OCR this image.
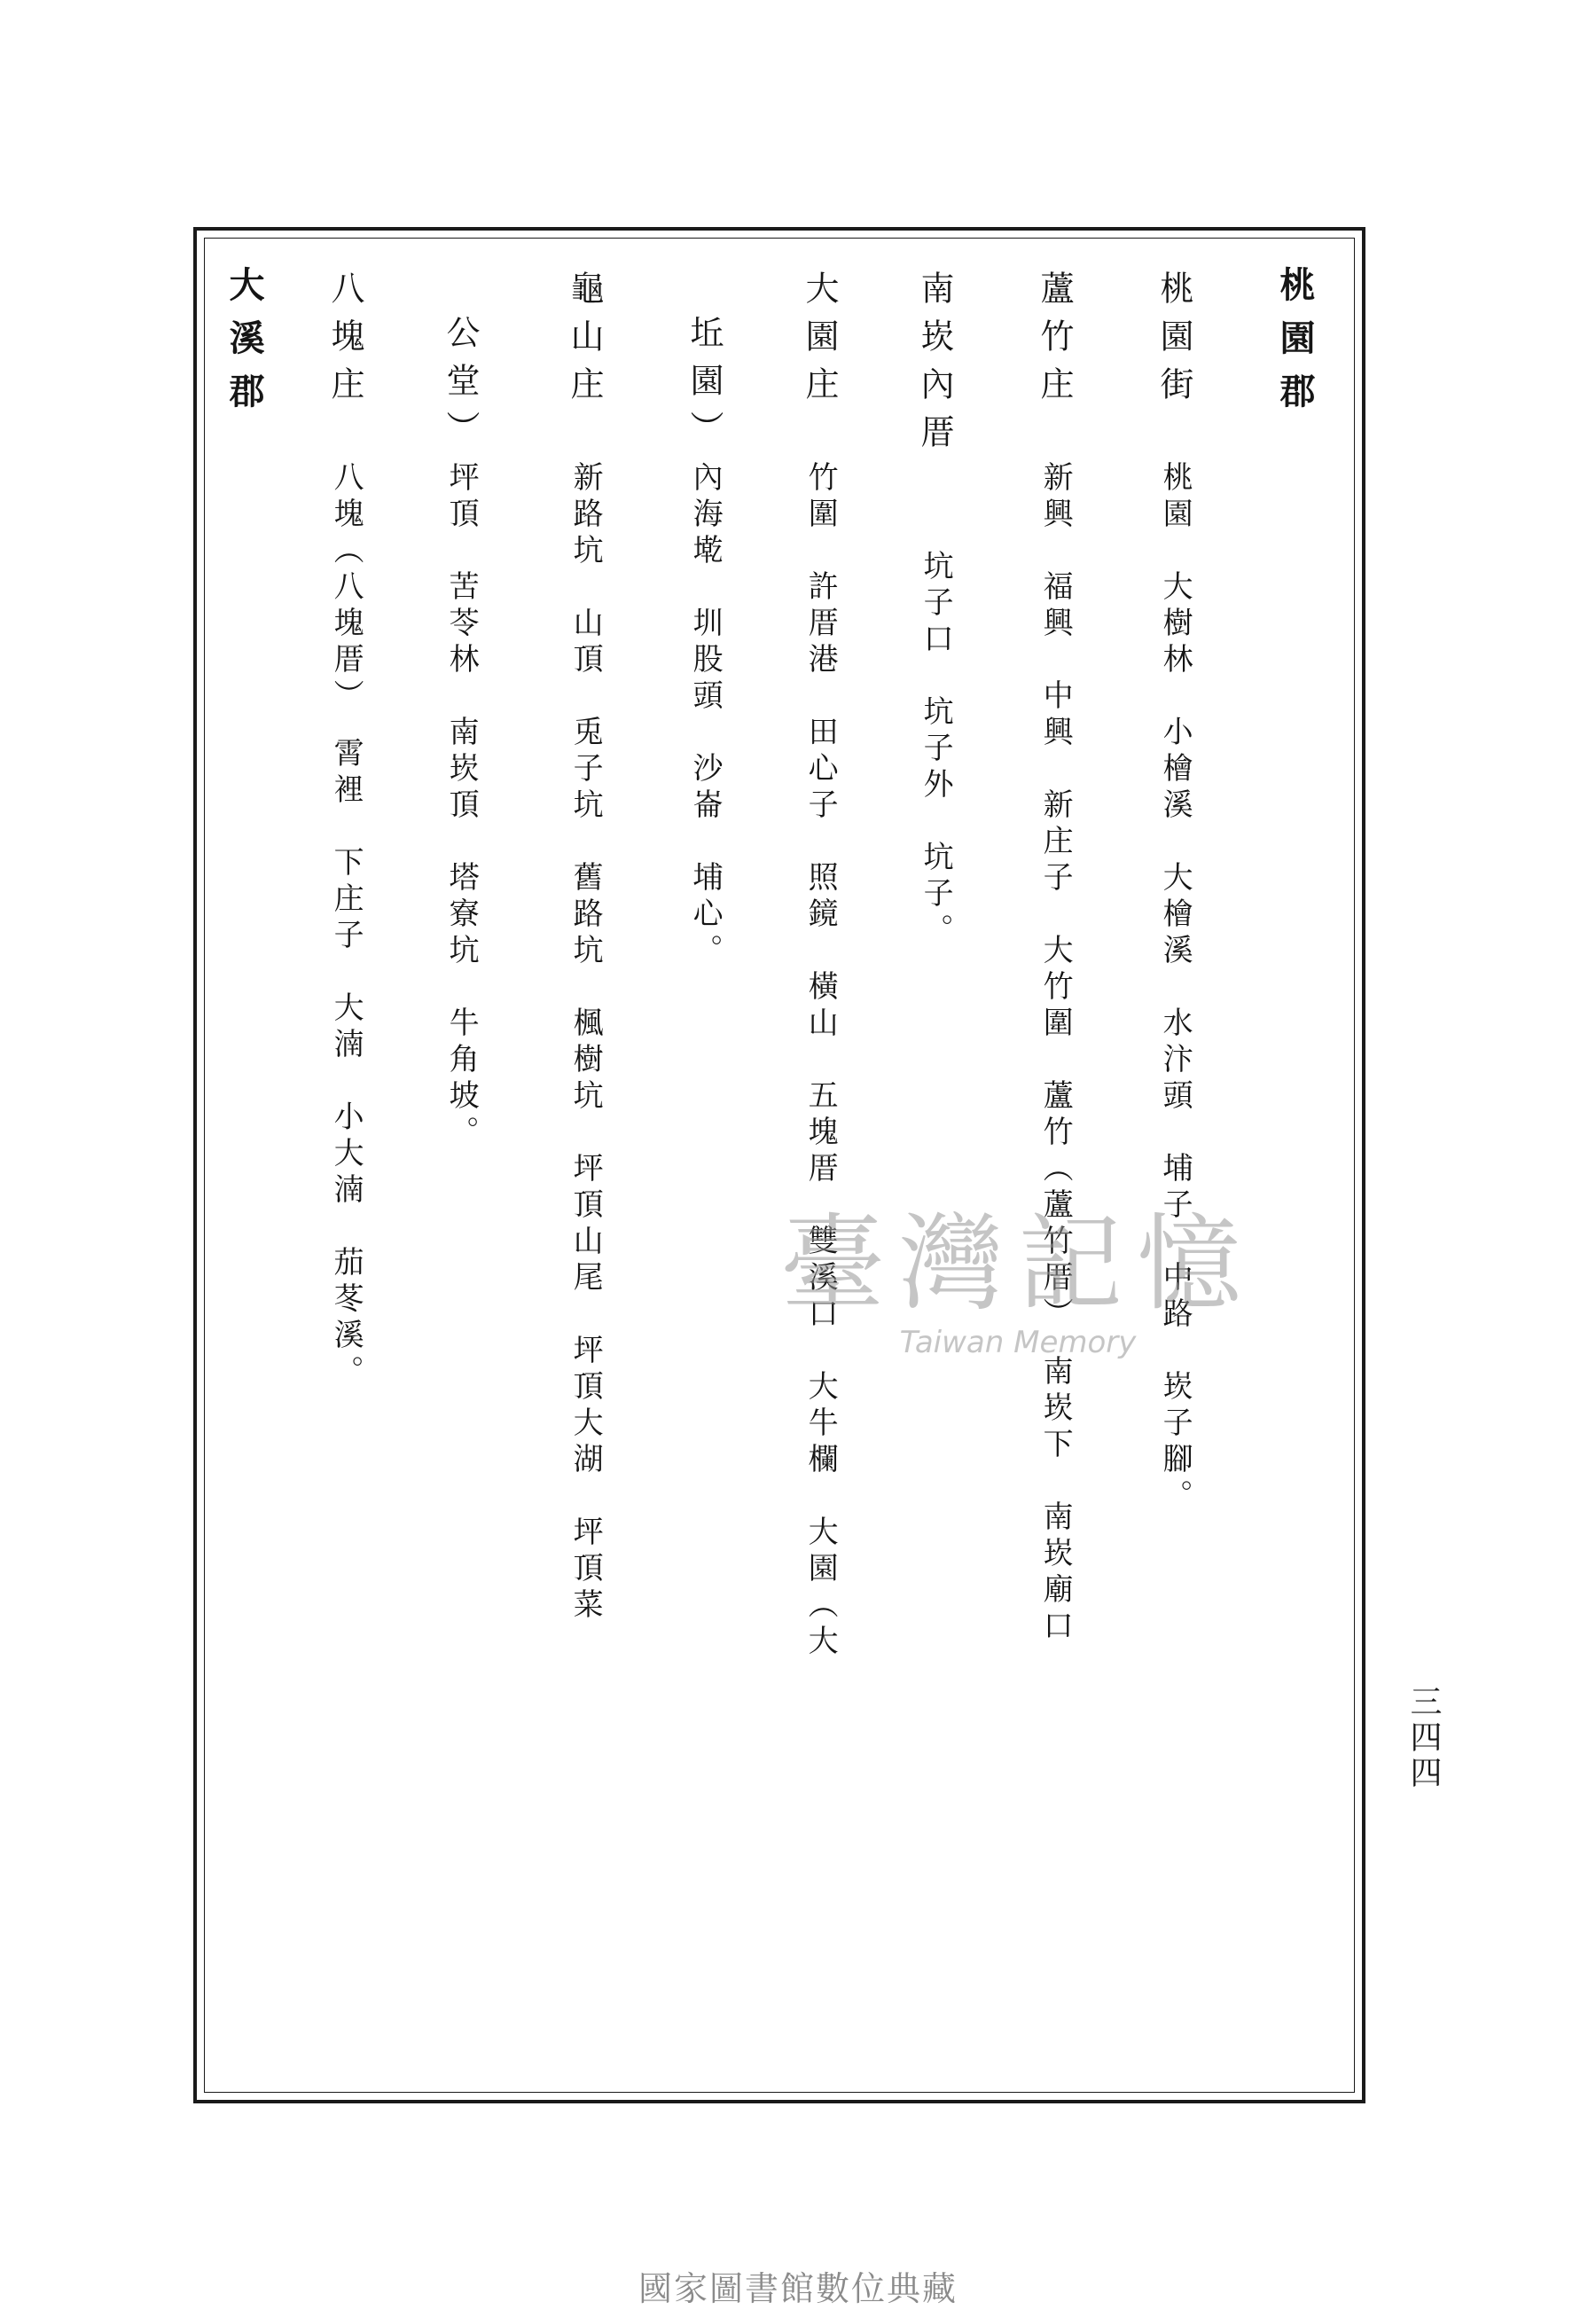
桃園郡
桃園街
桃園　大樹林　小檜溪　大檜溪　水汴頭　埔子　中路　崁子腳。
蘆竹庄
新興　福興　中興　新庄子　大竹圍　蘆竹（蘆竹厝）　南崁下　南崁廟口
南崁內厝
坑子口　坑子外　坑子。
大園庄
竹圍　許厝港　田心子　照鏡　橫山　五塊厝　雙溪口　大牛欄　大園（大
坵園）
內海墘　圳股頭　沙崙　埔心。
龜山庄
新路坑　山頂　兎子坑　舊路坑　楓樹坑　坪頂山尾　坪頂大湖　坪頂菜
公堂）
坪頂　苦苓林　南崁頂　塔寮坑　牛角坡。
八塊庄
八塊（八塊厝）　霄裡　下庄子　大湳　小大湳　茄苳溪。
大溪郡
臺灣記憶
Taiwan Memory
三四四
國家圖書館數位典藏
